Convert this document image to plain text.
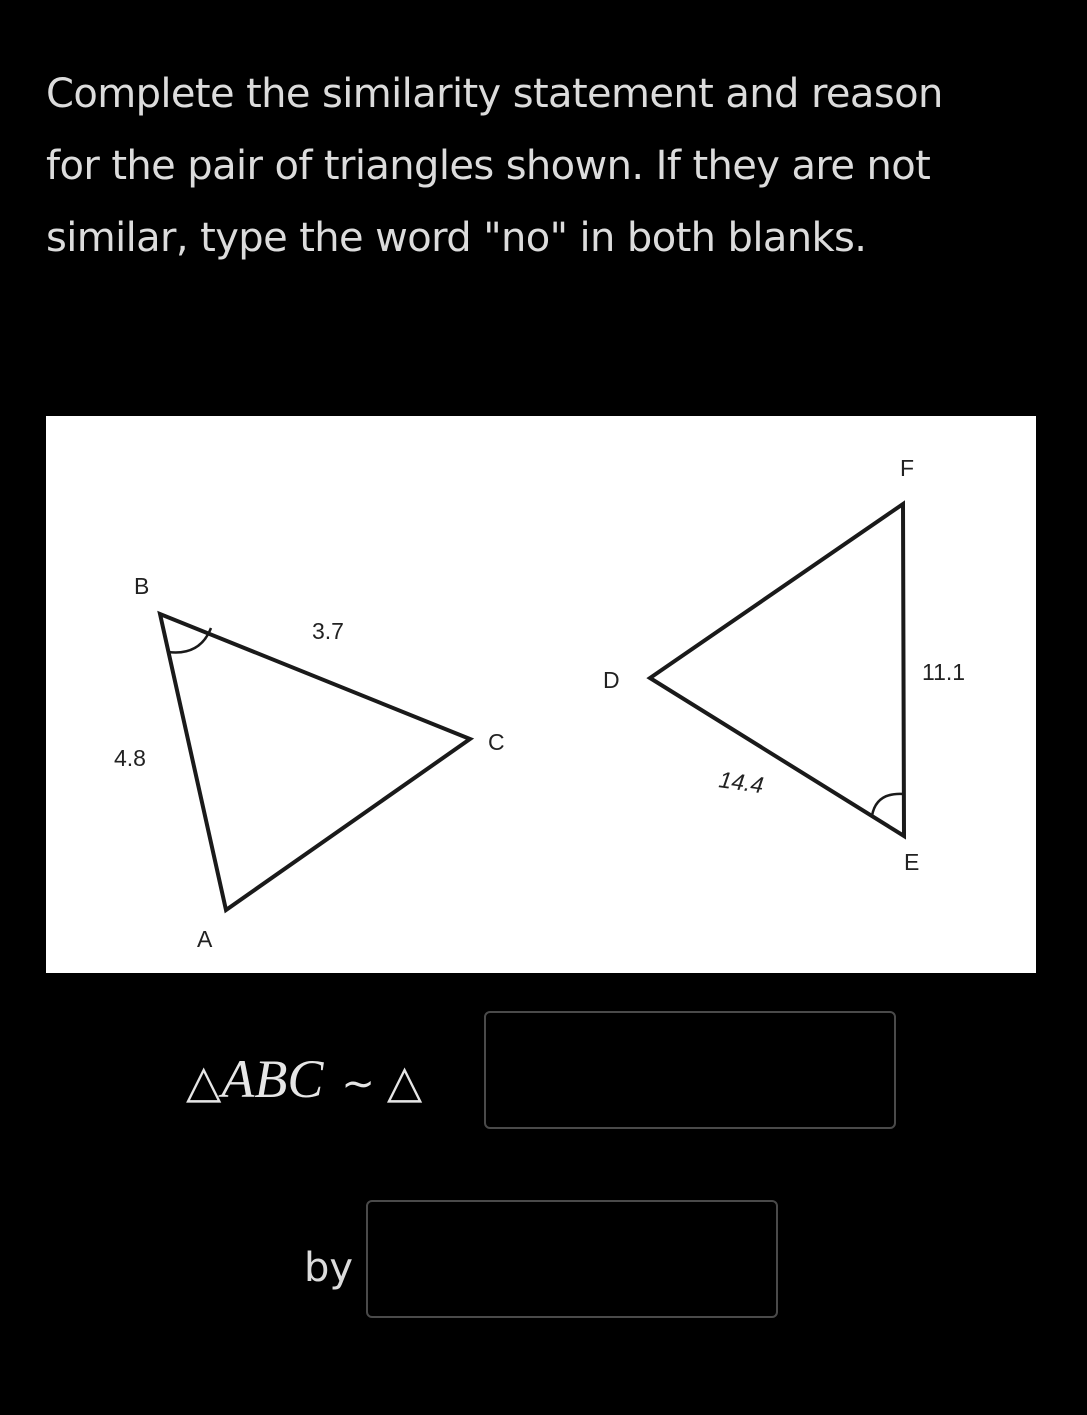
Complete the similarity statement and reason
for the pair of triangles shown. If they are not
similar, type the word "no" in both blanks.
B
A
C
4.8
3.7
F
D
E
11.1
14.4
△ABC ∼ △
by
